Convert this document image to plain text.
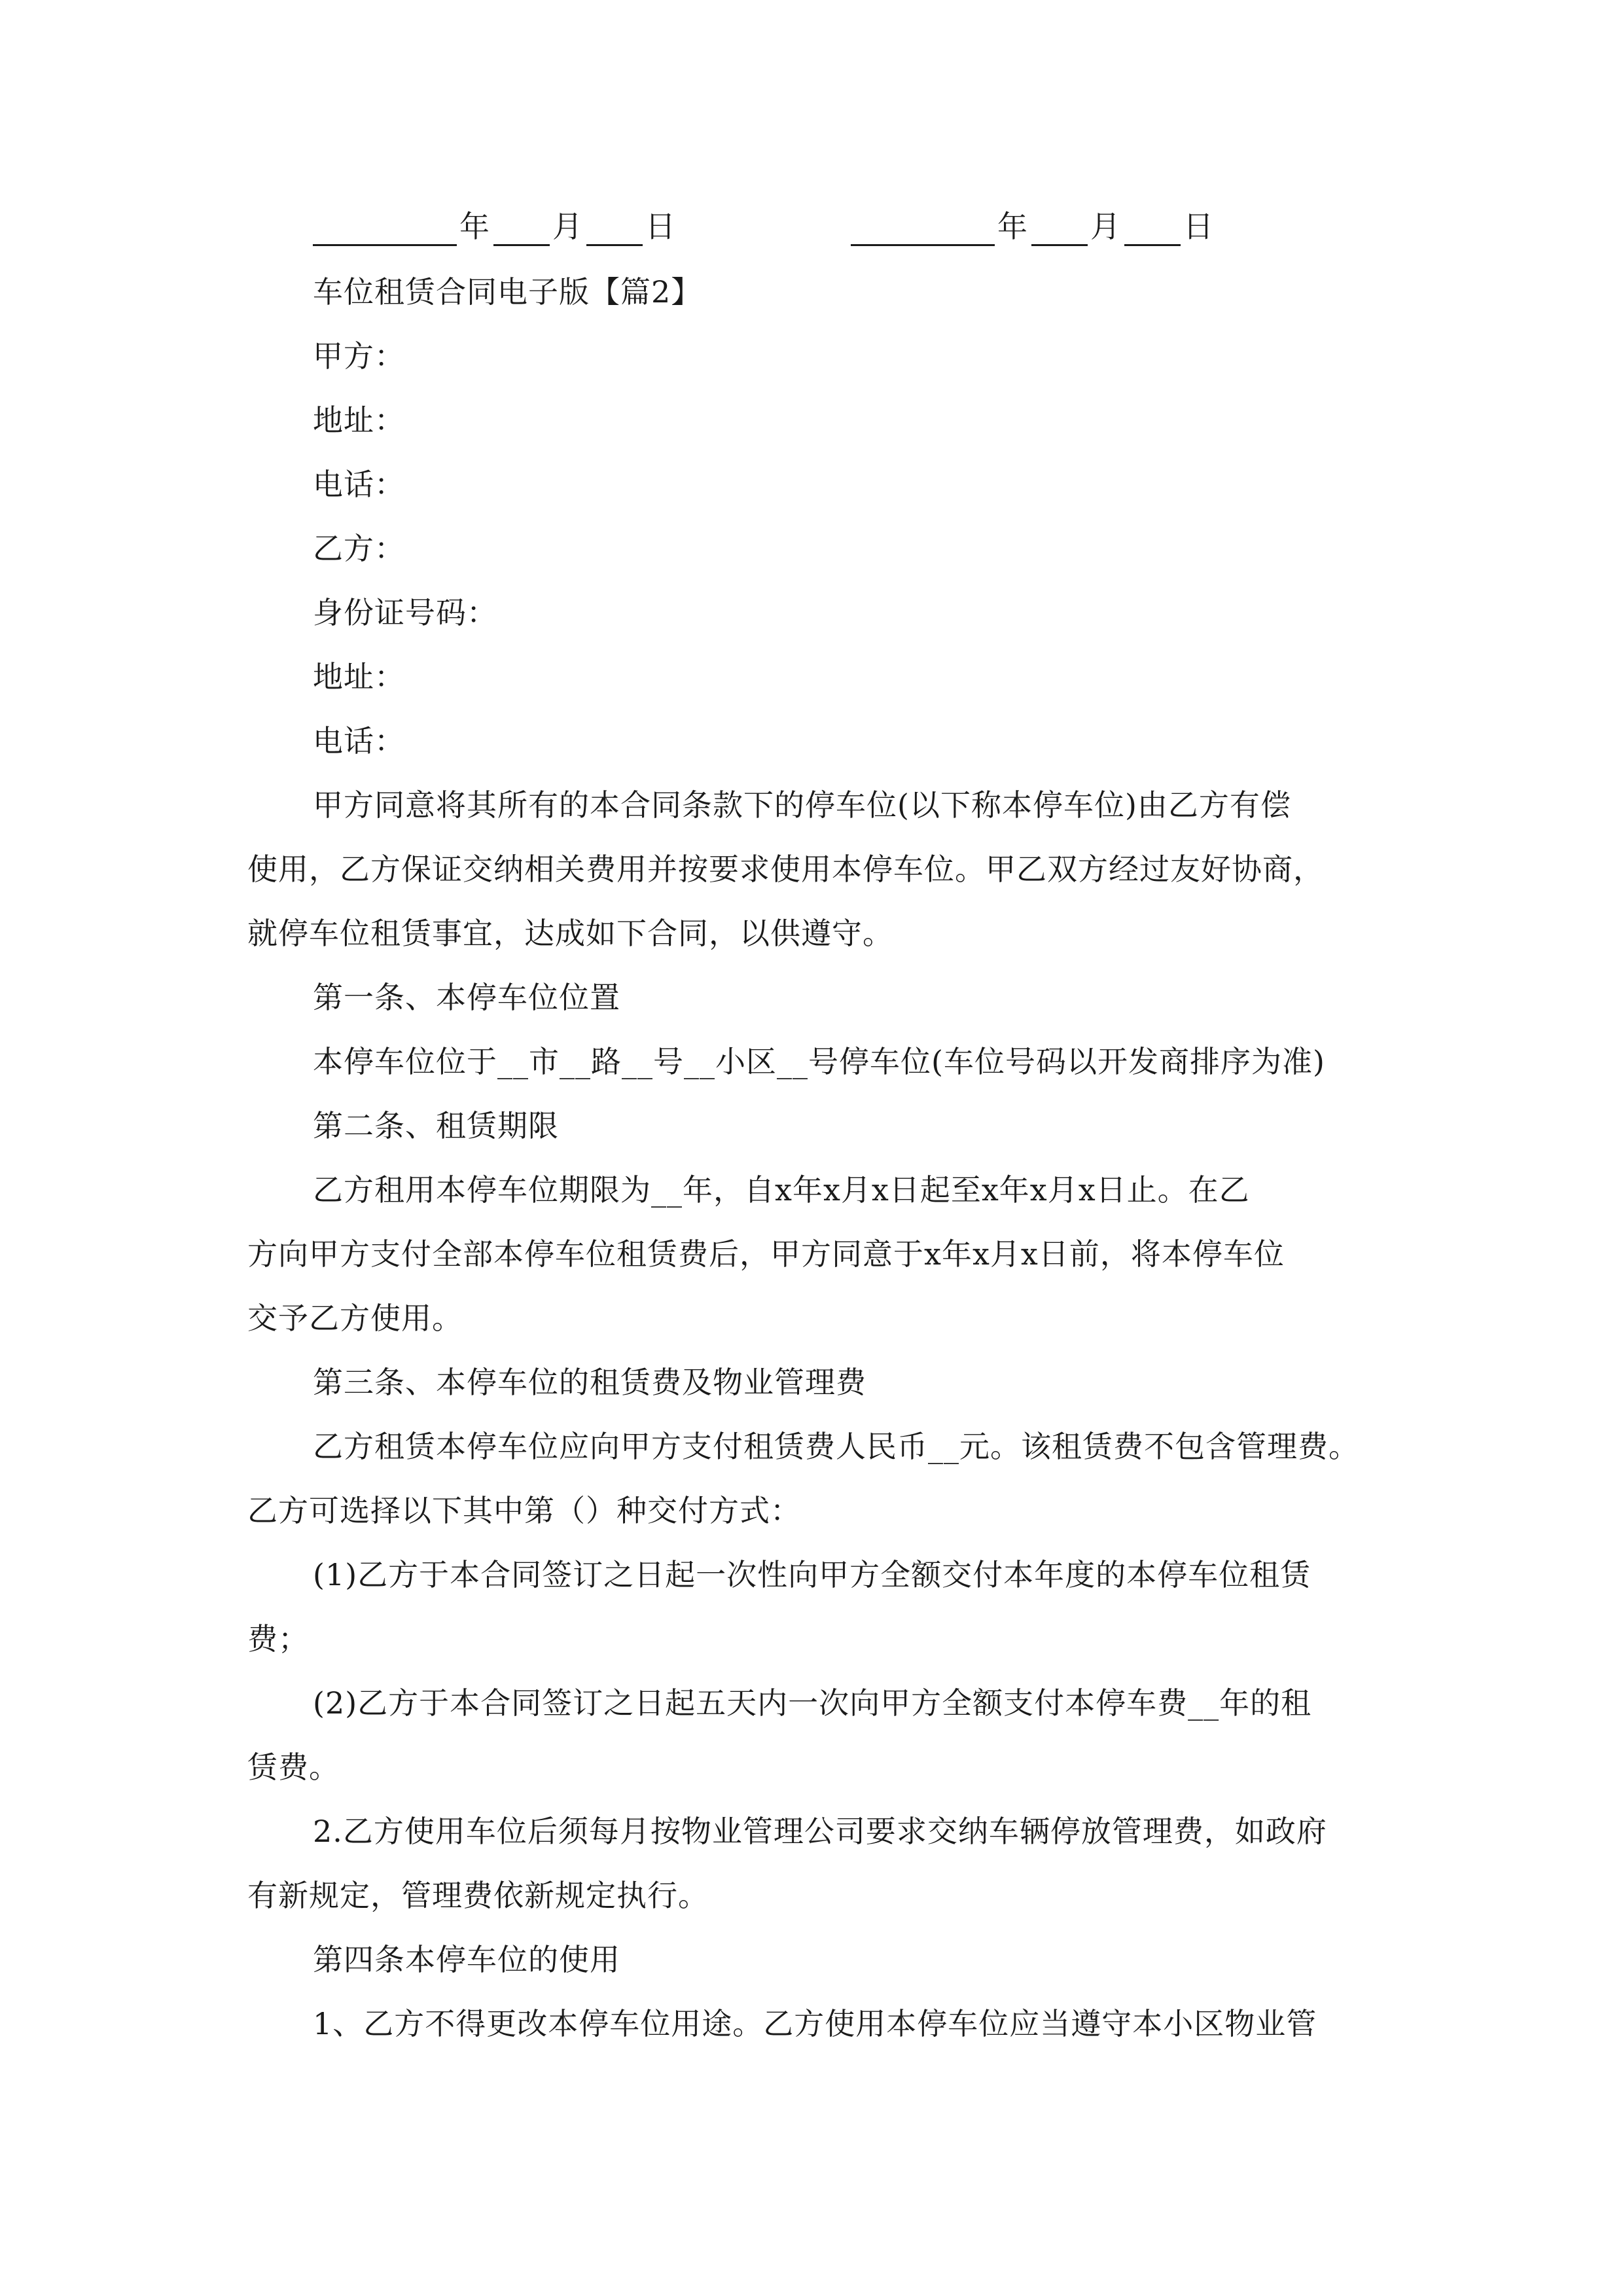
年 月 日	年 月 日
车位租赁合同电子版【篇2】
甲方：
地址：
电话：
乙方：
身份证号码：
地址：
电话：
甲方同意将其所有的本合同条款下的停车位(以下称本停车位)由乙方有偿
使用，乙方保证交纳相关费用并按要求使用本停车位。甲乙双方经过友好协商，
就停车位租赁事宜，达成如下合同，以供遵守。
第一条、本停车位位置
本停车位位于__市__路__号__小区__号停车位(车位号码以开发商排序为准)
第二条、租赁期限
乙方租用本停车位期限为__年，自x年x月x日起至x年x月x日止。在乙
方向甲方支付全部本停车位租赁费后，甲方同意于x年x月x日前，将本停车位
交予乙方使用。
第三条、本停车位的租赁费及物业管理费
乙方租赁本停车位应向甲方支付租赁费人民币__元。该租赁费不包含管理费。
乙方可选择以下其中第（）种交付方式：
(1)乙方于本合同签订之日起一次性向甲方全额交付本年度的本停车位租赁
费；
(2)乙方于本合同签订之日起五天内一次向甲方全额支付本停车费__年的租
赁费。
2.乙方使用车位后须每月按物业管理公司要求交纳车辆停放管理费，如政府
有新规定，管理费依新规定执行。
第四条本停车位的使用
1、乙方不得更改本停车位用途。乙方使用本停车位应当遵守本小区物业管
